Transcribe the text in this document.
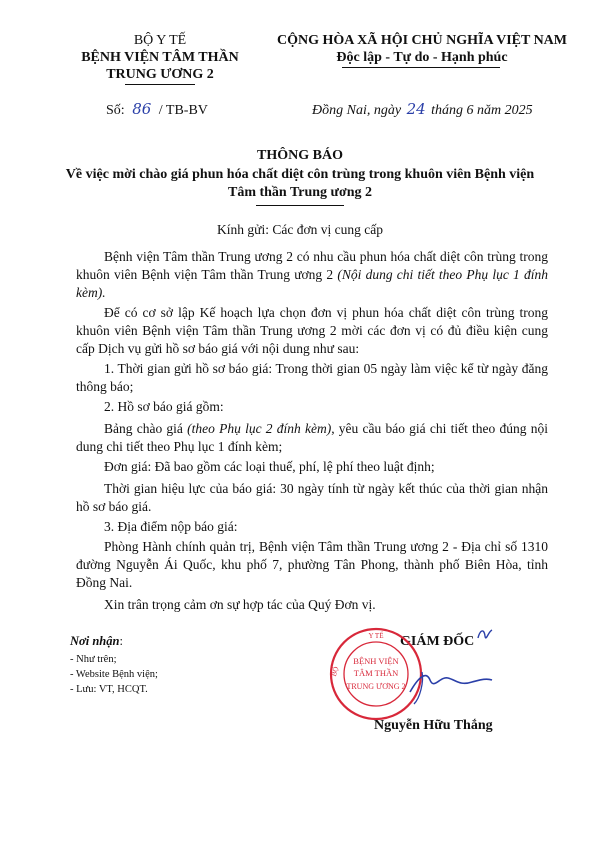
BỘ Y TẾ
BỆNH VIỆN TÂM THẦN
TRUNG ƯƠNG 2
CỘNG HÒA XÃ HỘI CHỦ NGHĨA VIỆT NAM
Độc lập - Tự do - Hạnh phúc
Số: 86 / TB-BV	Đồng Nai, ngày 24 tháng 6 năm 2025
THÔNG BÁO
Về việc mời chào giá phun hóa chất diệt côn trùng trong khuôn viên Bệnh viện
Tâm thần Trung ương 2
Kính gửi: Các đơn vị cung cấp
Bệnh viện Tâm thần Trung ương 2 có nhu cầu phun hóa chất diệt côn trùng trong khuôn viên Bệnh viện Tâm thần Trung ương 2 (Nội dung chi tiết theo Phụ lục 1 đính kèm).
Để có cơ sở lập Kế hoạch lựa chọn đơn vị phun hóa chất diệt côn trùng trong khuôn viên Bệnh viện Tâm thần Trung ương 2 mời các đơn vị có đủ điều kiện cung cấp Dịch vụ gửi hồ sơ báo giá với nội dung như sau:
1. Thời gian gửi hồ sơ báo giá: Trong thời gian 05 ngày làm việc kể từ ngày đăng thông báo;
2. Hồ sơ báo giá gồm:
Bảng chào giá (theo Phụ lục 2 đính kèm), yêu cầu báo giá chi tiết theo đúng nội dung chi tiết theo Phụ lục 1 đính kèm;
Đơn giá: Đã bao gồm các loại thuế, phí, lệ phí theo luật định;
Thời gian hiệu lực của báo giá: 30 ngày tính từ ngày kết thúc của thời gian nhận hồ sơ báo giá.
3. Địa điểm nộp báo giá:
Phòng Hành chính quản trị, Bệnh viện Tâm thần Trung ương 2 - Địa chỉ số 1310 đường Nguyễn Ái Quốc, khu phố 7, phường Tân Phong, thành phố Biên Hòa, tỉnh Đồng Nai.
Xin trân trọng cảm ơn sự hợp tác của Quý Đơn vị.
Nơi nhận:
- Như trên;
- Website Bệnh viện;
- Lưu: VT, HCQT.
GIÁM ĐỐC
Y TẾ
BỘ
BỆNH VIỆN
TÂM THẦN
TRUNG ƯƠNG 2
Nguyễn Hữu Thắng
